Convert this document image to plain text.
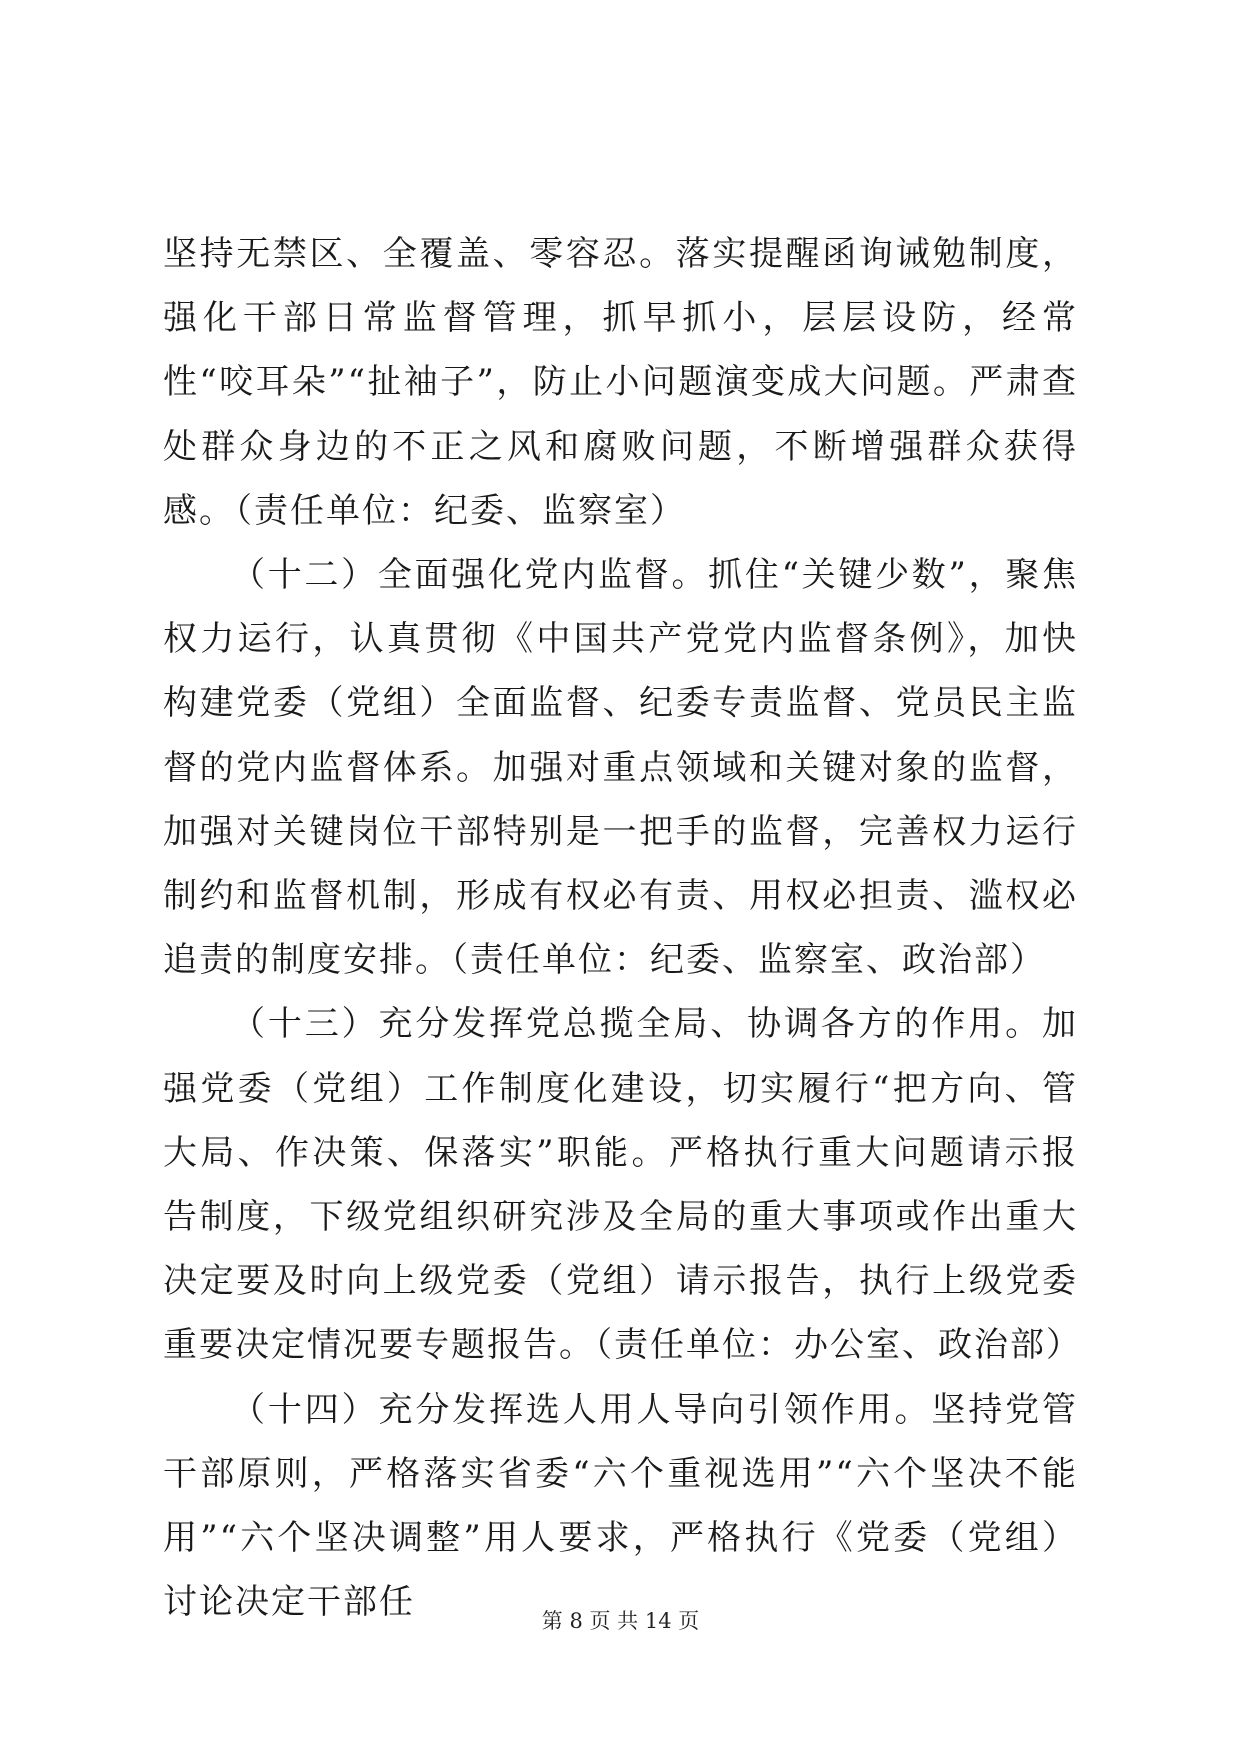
坚持无禁区、全覆盖、零容忍。落实提醒函询诫勉制度，强化干部日常监督管理，抓早抓小，层层设防，经常性“咬耳朵”“扯袖子”，防止小问题演变成大问题。严肃查处群众身边的不正之风和腐败问题，不断增强群众获得感。（责任单位：纪委、监察室）

（十二）全面强化党内监督。抓住“关键少数”，聚焦权力运行，认真贯彻《中国共产党党内监督条例》，加快构建党委（党组）全面监督、纪委专责监督、党员民主监督的党内监督体系。加强对重点领域和关键对象的监督，加强对关键岗位干部特别是一把手的监督，完善权力运行制约和监督机制，形成有权必有责、用权必担责、滥权必追责的制度安排。（责任单位：纪委、监察室、政治部）

（十三）充分发挥党总揽全局、协调各方的作用。加强党委（党组）工作制度化建设，切实履行“把方向、管大局、作决策、保落实”职能。严格执行重大问题请示报告制度，下级党组织研究涉及全局的重大事项或作出重大决定要及时向上级党委（党组）请示报告，执行上级党委重要决定情况要专题报告。（责任单位：办公室、政治部）

（十四）充分发挥选人用人导向引领作用。坚持党管干部原则，严格落实省委“六个重视选用”“六个坚决不能用”“六个坚决调整”用人要求，严格执行《党委（党组）讨论决定干部任	第 8 页 共 14 页
